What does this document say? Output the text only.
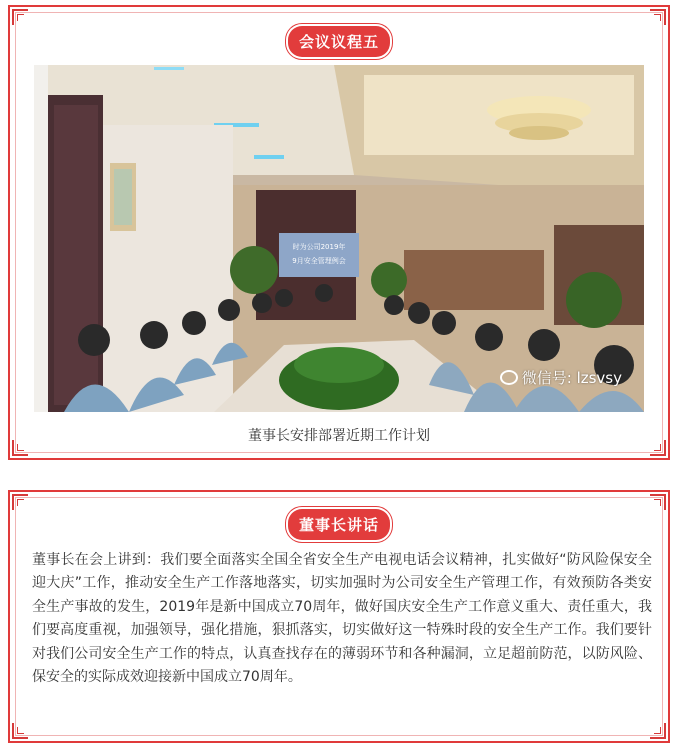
会议议程五
时为公司2019年
9月安全管理例会
微信号: lzsvsy
董事长安排部署近期工作计划
董事长讲话

董事长在会上讲到：我们要全面落实全国全省安全生产电视电话会议精神，扎实做好“防风险保安全迎大庆”工作，推动安全生产工作落地落实，切实加强时为公司安全生产管理工作，有效预防各类安全生产事故的发生，2019年是新中国成立70周年，做好国庆安全生产工作意义重大、责任重大，我们要高度重视，加强领导，强化措施，狠抓落实，切实做好这一特殊时段的安全生产工作。我们要针对我们公司安全生产工作的特点，认真查找存在的薄弱环节和各种漏洞，立足超前防范，以防风险、保安全的实际成效迎接新中国成立70周年。
